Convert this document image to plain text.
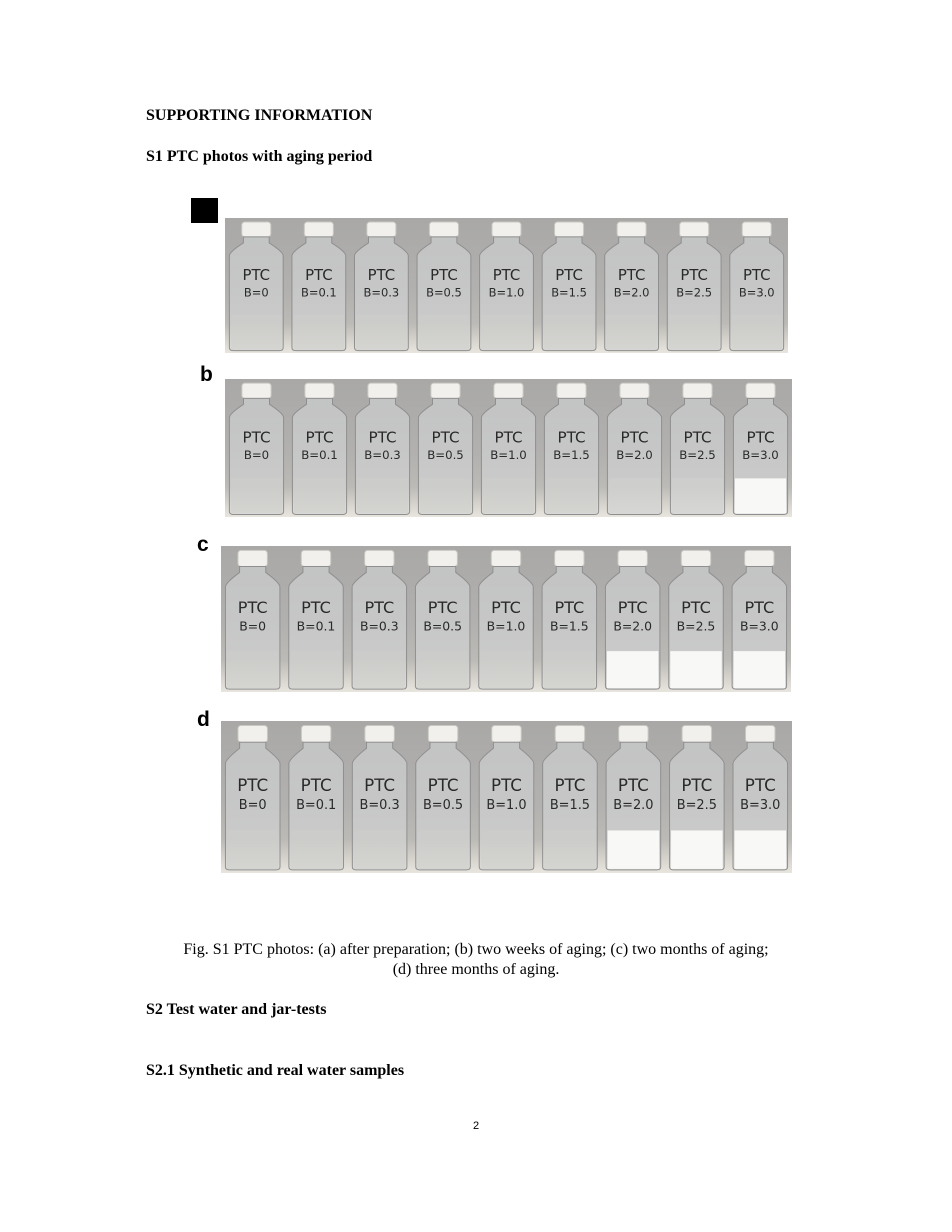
SUPPORTING INFORMATION
S1 PTC photos with aging period
PTC
B=0
PTC
B=0.1
PTC
B=0.3
PTC
B=0.5
PTC
B=1.0
PTC
B=1.5
PTC
B=2.0
PTC
B=2.5
PTC
B=3.0
b
PTC
B=0
PTC
B=0.1
PTC
B=0.3
PTC
B=0.5
PTC
B=1.0
PTC
B=1.5
PTC
B=2.0
PTC
B=2.5
PTC
B=3.0
c
PTC
B=0
PTC
B=0.1
PTC
B=0.3
PTC
B=0.5
PTC
B=1.0
PTC
B=1.5
PTC
B=2.0
PTC
B=2.5
PTC
B=3.0
d
PTC
B=0
PTC
B=0.1
PTC
B=0.3
PTC
B=0.5
PTC
B=1.0
PTC
B=1.5
PTC
B=2.0
PTC
B=2.5
PTC
B=3.0
Fig. S1 PTC photos: (a) after preparation; (b) two weeks of aging; (c) two months of aging;
(d) three months of aging.
S2 Test water and jar-tests
S2.1 Synthetic and real water samples
2
